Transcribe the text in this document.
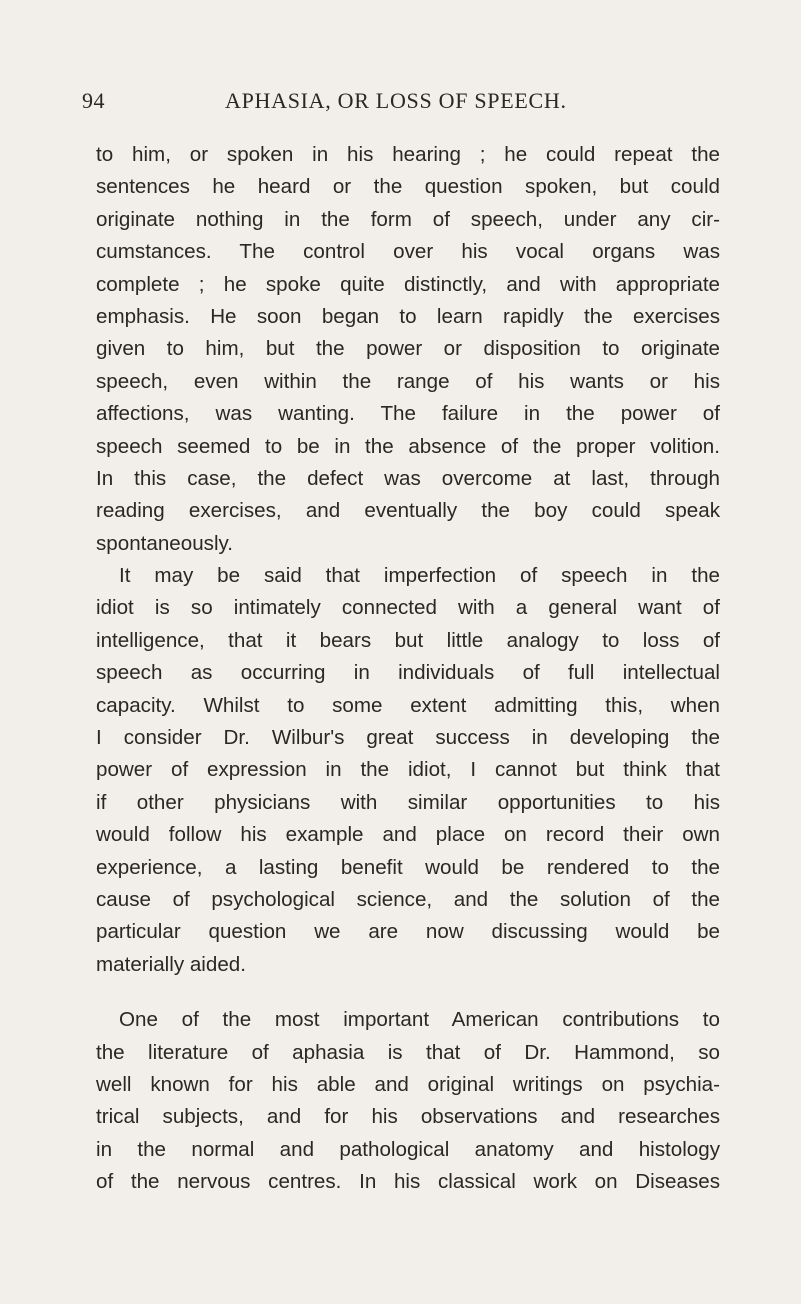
94	APHASIA, OR LOSS OF SPEECH.
to him, or spoken in his hearing ; he could repeat the
sentences he heard or the question spoken, but could
originate nothing in the form of speech, under any cir-
cumstances. The control over his vocal organs was
complete ; he spoke quite distinctly, and with appropriate
emphasis. He soon began to learn rapidly the exercises
given to him, but the power or disposition to originate
speech, even within the range of his wants or his
affections, was wanting. The failure in the power of
speech seemed to be in the absence of the proper volition.
In this case, the defect was overcome at last, through
reading exercises, and eventually the boy could speak
spontaneously.
It may be said that imperfection of speech in the
idiot is so intimately connected with a general want of
intelligence, that it bears but little analogy to loss of
speech as occurring in individuals of full intellectual
capacity. Whilst to some extent admitting this, when
I consider Dr. Wilbur's great success in developing the
power of expression in the idiot, I cannot but think that
if other physicians with similar opportunities to his
would follow his example and place on record their own
experience, a lasting benefit would be rendered to the
cause of psychological science, and the solution of the
particular question we are now discussing would be
materially aided.
One of the most important American contributions to
the literature of aphasia is that of Dr. Hammond, so
well known for his able and original writings on psychia-
trical subjects, and for his observations and researches
in the normal and pathological anatomy and histology
of the nervous centres. In his classical work on Diseases
